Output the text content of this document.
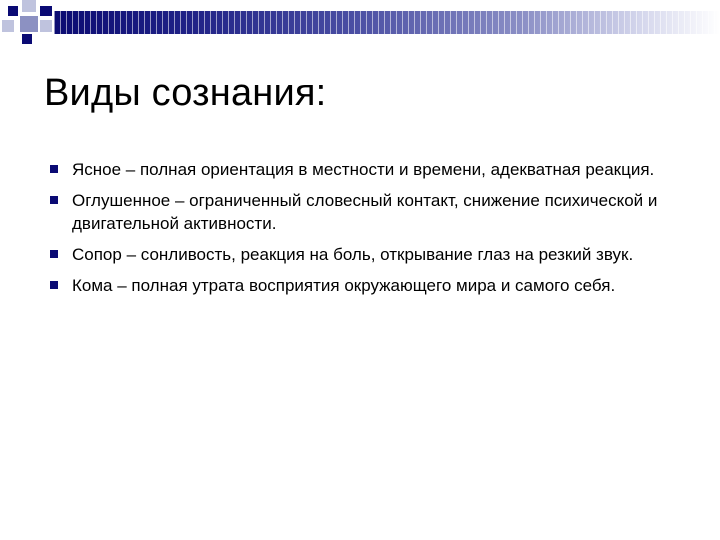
Виды сознания:
Ясное – полная ориентация в местности и времени, адекватная реакция.
Оглушенное – ограниченный словесный контакт, снижение психической и двигательной активности.
Сопор – сонливость, реакция на боль, открывание глаз на резкий звук.
Кома – полная утрата восприятия окружающего мира и самого себя.
